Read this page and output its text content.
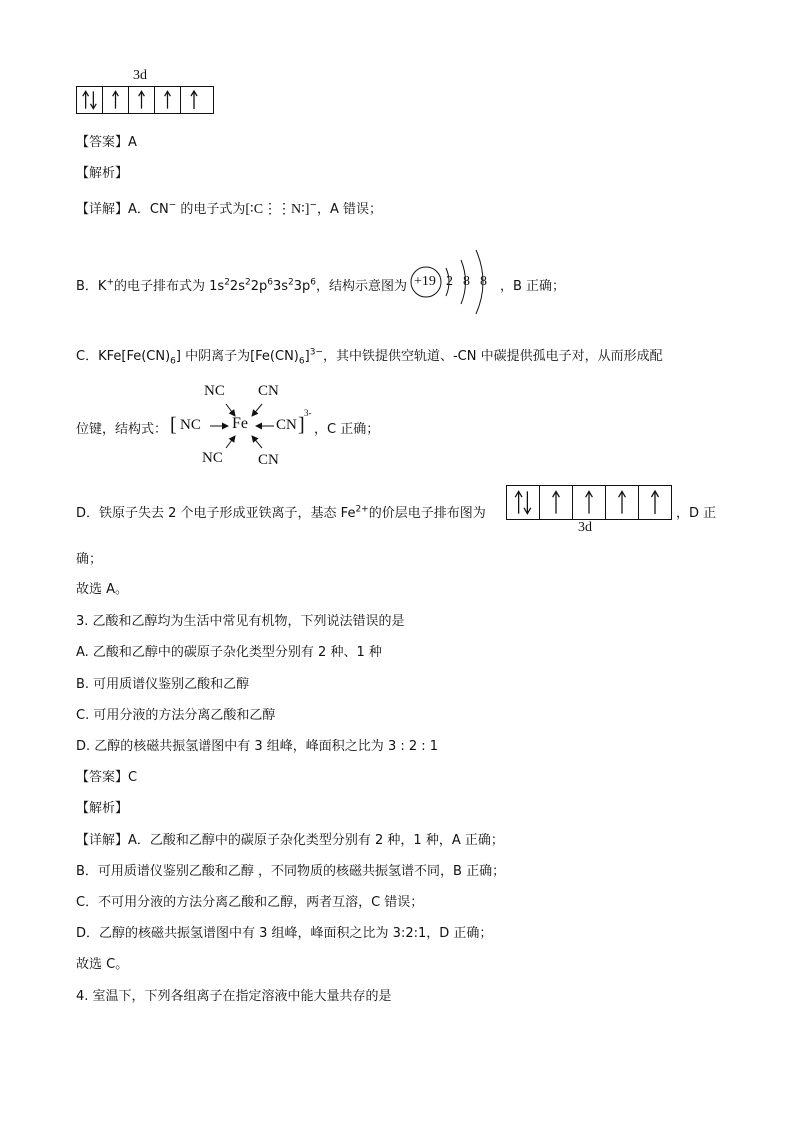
3d
【答案】A
【解析】
【详解】A．CN− 的电子式为[∶C⋮⋮N∶]−，A 错误；
B．K+的电子排布式为 $1s^22s^22p^63s^23p^6$，结构示意图为 +19 2 8 8 ，B 正确；
C．$KFe[Fe(CN)_6]$ 中阴离子为$[Fe(CN)_6]^{3-}$，其中铁提供空轨道、-CN 中碳提供孤电子对，从而形成配
位键，结构式： [ NC Fe CN ]
3-
NC CN
NC CN
，C 正确；
D．铁原子失去 2 个电子形成亚铁离子，基态 $Fe^{2+}$的价层电子排布图为
3d
，D 正
确；
故选 A。
3. 乙酸和乙醇均为生活中常见有机物，下列说法错误的是
A. 乙酸和乙醇中的碳原子杂化类型分别有 2 种、1 种
B. 可用质谱仪鉴别乙酸和乙醇
C. 可用分液的方法分离乙酸和乙醇
D. 乙醇的核磁共振氢谱图中有 3 组峰，峰面积之比为 3 : 2 : 1
【答案】C
【解析】
【详解】A．乙酸和乙醇中的碳原子杂化类型分别有 2 种，1 种，A 正确；
B．可用质谱仪鉴别乙酸和乙醇 ，不同物质的核磁共振氢谱不同，B 正确；
C．不可用分液的方法分离乙酸和乙醇，两者互溶，C 错误；
D．乙醇的核磁共振氢谱图中有 3 组峰，峰面积之比为 3:2:1，D 正确；
故选 C。
4. 室温下，下列各组离子在指定溶液中能大量共存的是
